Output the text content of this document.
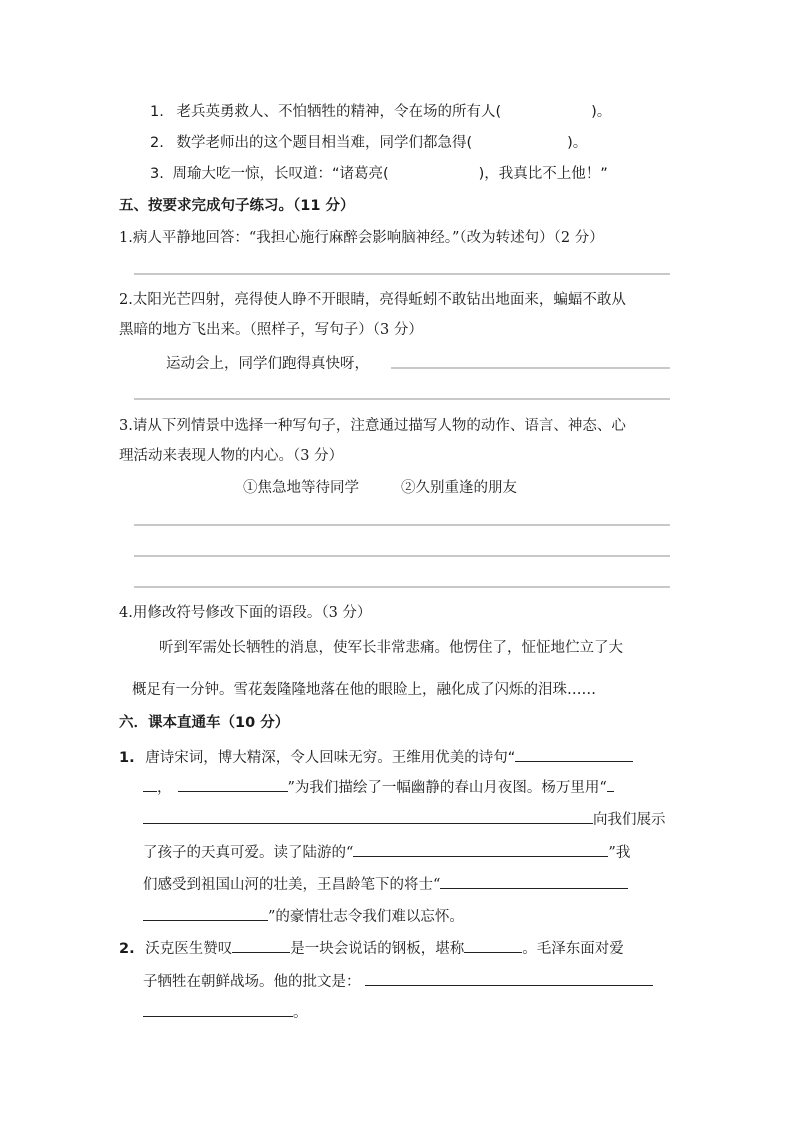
1. 老兵英勇救人、不怕牺牲的精神，令在场的所有人(	)。
2. 数学老师出的这个题目相当难，同学们都急得(	)。
3. 周瑜大吃一惊，长叹道：“诸葛亮(	)，我真比不上他！”
五、按要求完成句子练习。（11 分）
1.病人平静地回答：“我担心施行麻醉会影响脑神经。”（改为转述句）（2 分）
2.太阳光芒四射，亮得使人睁不开眼睛，亮得蚯蚓不敢钻出地面来，蝙蝠不敢从
黑暗的地方飞出来。（照样子，写句子）（3 分）
运动会上，同学们跑得真快呀，
3.请从下列情景中选择一种写句子，注意通过描写人物的动作、语言、神态、心
理活动来表现人物的内心。（3 分）
①焦急地等待同学	②久别重逢的朋友
4.用修改符号修改下面的语段。（3 分）
听到军需处长牺牲的消息，使军长非常悲痛。他愣住了，怔怔地伫立了大
概足有一分钟。雪花轰隆隆地落在他的眼睑上，融化成了闪烁的泪珠……
六．课本直通车（10 分）
1. 唐诗宋词，博大精深，令人回味无穷。王维用优美的诗句“
，	”为我们描绘了一幅幽静的春山月夜图。杨万里用“
向我们展示
了孩子的天真可爱。读了陆游的“	”我
们感受到祖国山河的壮美，王昌龄笔下的将士“
”的豪情壮志令我们难以忘怀。
2. 沃克医生赞叹	是一块会说话的钢板，堪称	。毛泽东面对爱
子牺牲在朝鲜战场。他的批文是：
。
